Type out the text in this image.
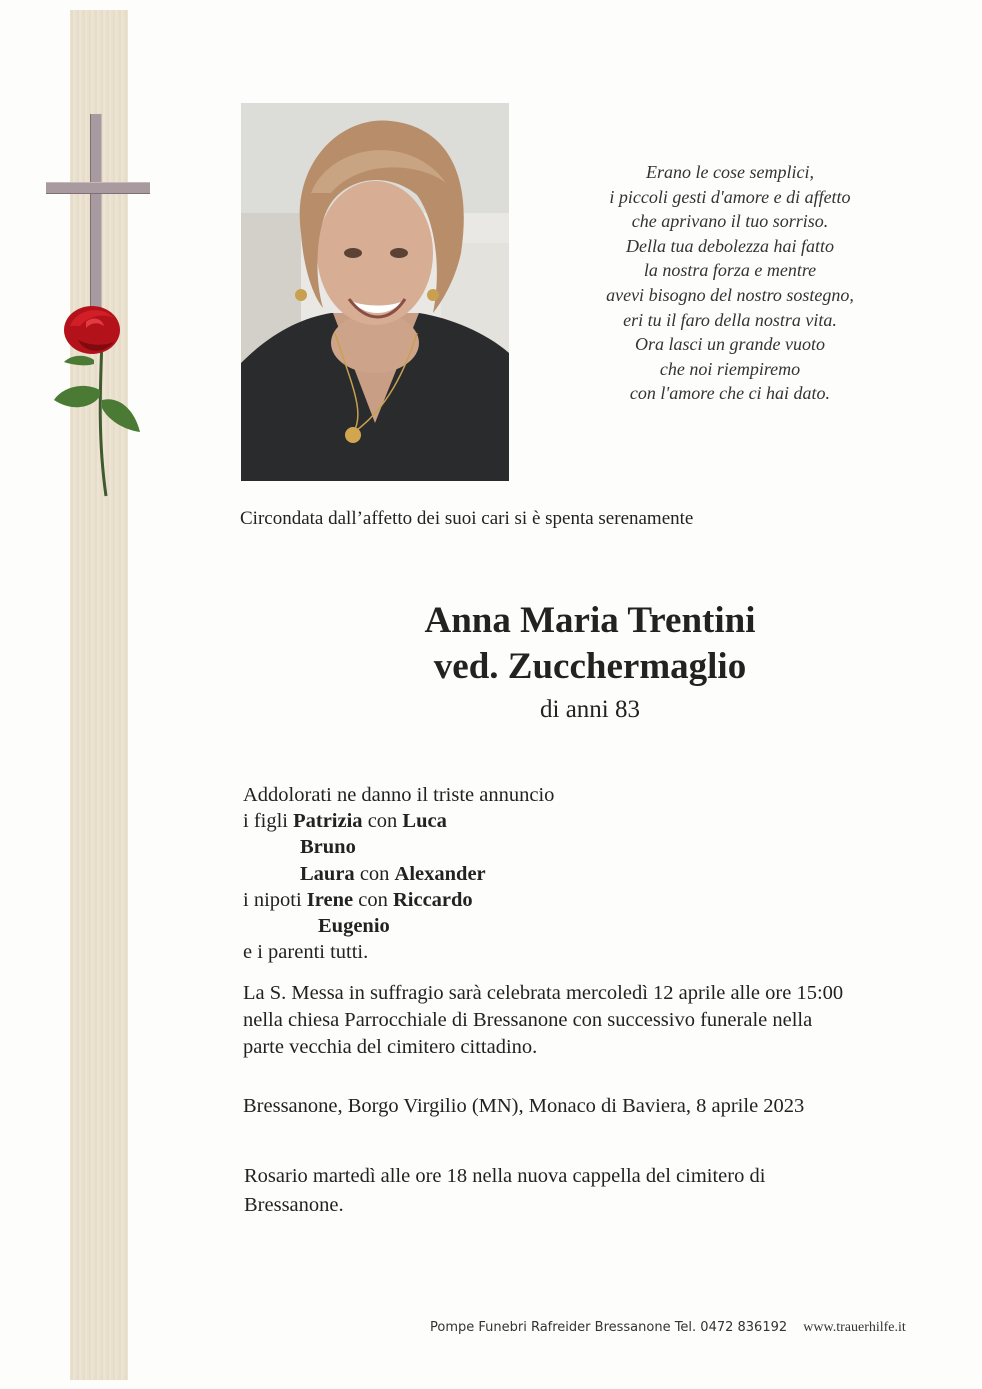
Erano le cose semplici,
i piccoli gesti d'amore e di affetto
che aprivano il tuo sorriso.
Della tua debolezza hai fatto
la nostra forza e mentre
avevi bisogno del nostro sostegno,
eri tu il faro della nostra vita.
Ora lasci un grande vuoto
che noi riempiremo
con l'amore che ci hai dato.
Circondata dall’affetto dei suoi cari si è spenta serenamente
Anna Maria Trentini
ved. Zucchermaglio
di anni 83
Addolorati ne danno il triste annuncio
i figli Patrizia con Luca
Bruno
Laura con Alexander
i nipoti Irene con Riccardo
Eugenio
e i parenti tutti.
La S. Messa in suffragio sarà celebrata mercoledì 12 aprile alle ore 15:00
nella chiesa Parrocchiale di Bressanone con successivo funerale nella
parte vecchia del cimitero cittadino.
Bressanone, Borgo Virgilio (MN), Monaco di Baviera, 8 aprile 2023
Rosario martedì alle ore 18 nella nuova cappella del cimitero di
Bressanone.
Pompe Funebri Rafreider Bressanone Tel. 0472 836192 www.trauerhilfe.it
